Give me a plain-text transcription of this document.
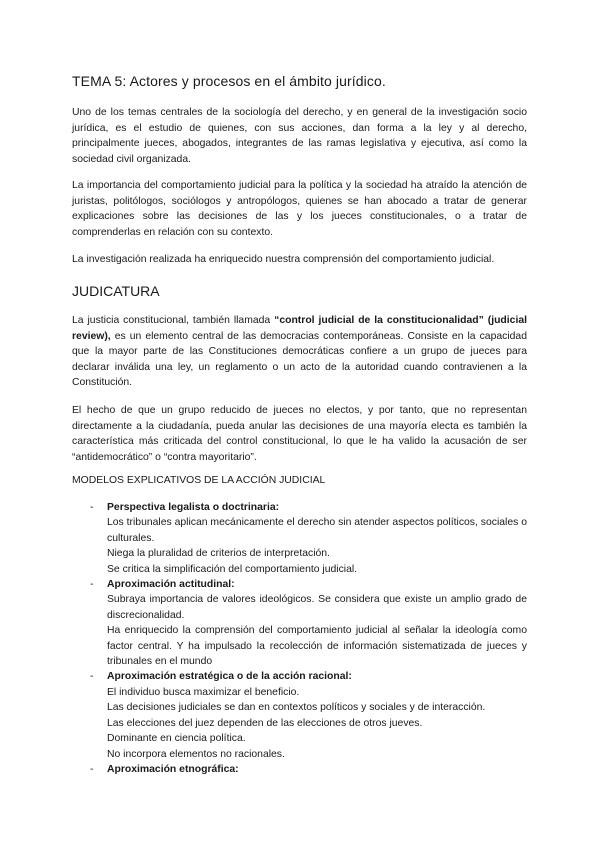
TEMA 5: Actores y procesos en el ámbito jurídico.

Uno de los temas centrales de la sociología del derecho, y en general de la investigación socio jurídica, es el estudio de quienes, con sus acciones, dan forma a la ley y al derecho, principalmente jueces, abogados, integrantes de las ramas legislativa y ejecutiva, así como la sociedad civil organizada.

La importancia del comportamiento judicial para la política y la sociedad ha atraído la atención de juristas, politólogos, sociólogos y antropólogos, quienes se han abocado a tratar de generar explicaciones sobre las decisiones de las y los jueces constitucionales, o a tratar de comprenderlas en relación con su contexto.

La investigación realizada ha enriquecido nuestra comprensión del comportamiento judicial.

JUDICATURA

La justicia constitucional, también llamada “control judicial de la constitucionalidad” (judicial review), es un elemento central de las democracias contemporáneas. Consiste en la capacidad que la mayor parte de las Constituciones democráticas confiere a un grupo de jueces para declarar inválida una ley, un reglamento o un acto de la autoridad cuando contravienen a la Constitución.

El hecho de que un grupo reducido de jueces no electos, y por tanto, que no representan directamente a la ciudadanía, pueda anular las decisiones de una mayoría electa es también la característica más criticada del control constitucional, lo que le ha valido la acusación de ser “antidemocrático” o “contra mayoritario”.

MODELOS EXPLICATIVOS DE LA ACCIÓN JUDICIAL
- Perspectiva legalista o doctrinaria:
Los tribunales aplican mecánicamente el derecho sin atender aspectos políticos, sociales o culturales.
Niega la pluralidad de criterios de interpretación.
Se critica la simplificación del comportamiento judicial.
- Aproximación actitudinal:
Subraya importancia de valores ideológicos. Se considera que existe un amplio grado de discrecionalidad.
Ha enriquecido la comprensión del comportamiento judicial al señalar la ideología como factor central. Y ha impulsado la recolección de información sistematizada de jueces y tribunales en el mundo
- Aproximación estratégica o de la acción racional:
El individuo busca maximizar el beneficio.
Las decisiones judiciales se dan en contextos políticos y sociales y de interacción.
Las elecciones del juez dependen de las elecciones de otros jueves.
Dominante en ciencia política.
No incorpora elementos no racionales.
- Aproximación etnográfica:
